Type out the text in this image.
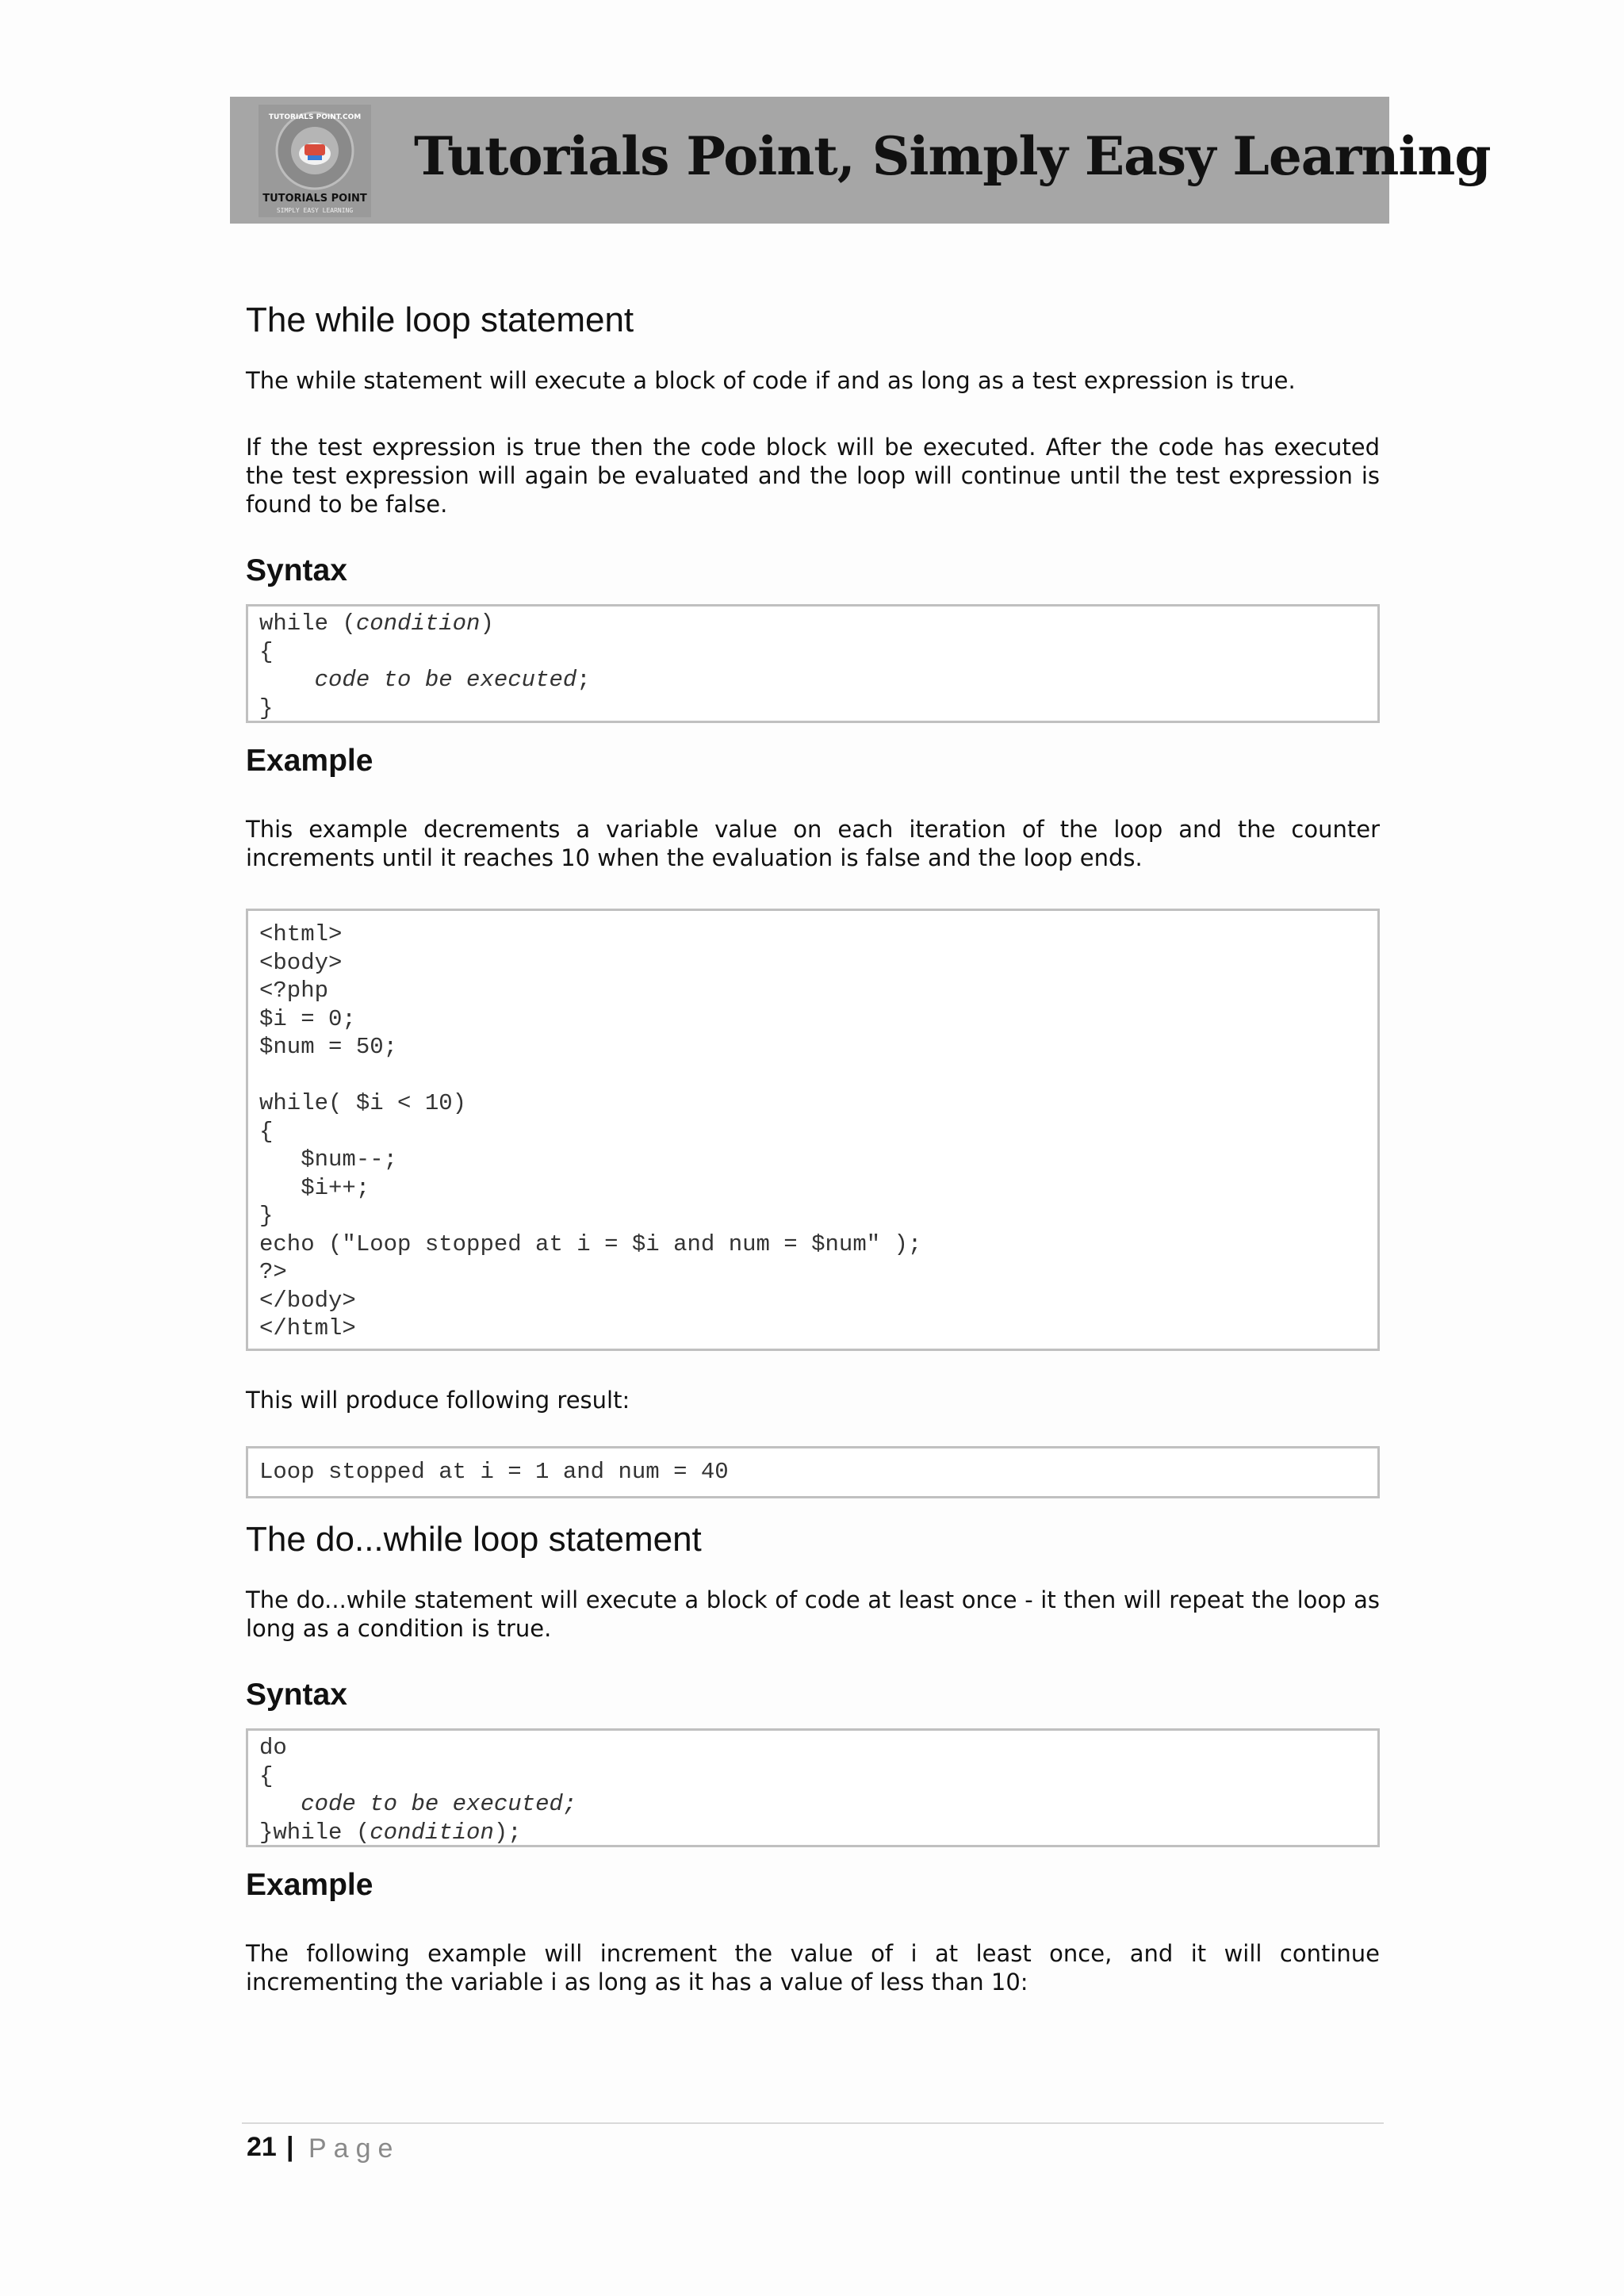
TUTORIALS POINT.COM
TUTORIALS POINT
SIMPLY EASY LEARNING
Tutorials Point, Simply Easy Learning
The while loop statement

The while statement will execute a block of code if and as long as a test expression is true.

If the test expression is true then the code block will be executed. After the code has executed the test expression will again be evaluated and the loop will continue until the test expression is found to be false.

Syntax
while (condition)
{
code to be executed;
}
Example

This example decrements a variable value on each iteration of the loop and the counter increments until it reaches 10 when the evaluation is false and the loop ends.

<html>
<body>
<?php
$i = 0;
$num = 50;

while( $i < 10)
{
$num--;
$i++;
}
echo ("Loop stopped at i = $i and num = $num" );
?>
</body>
</html>

This will produce following result:

Loop stopped at i = 1 and num = 40
The do...while loop statement

The do...while statement will execute a block of code at least once - it then will repeat the loop as long as a condition is true.

Syntax
do
{
code to be executed;
}while (condition);
Example

The following example will increment the value of i at least once, and it will continue incrementing the variable i as long as it has a value of less than 10:

21 | Page
